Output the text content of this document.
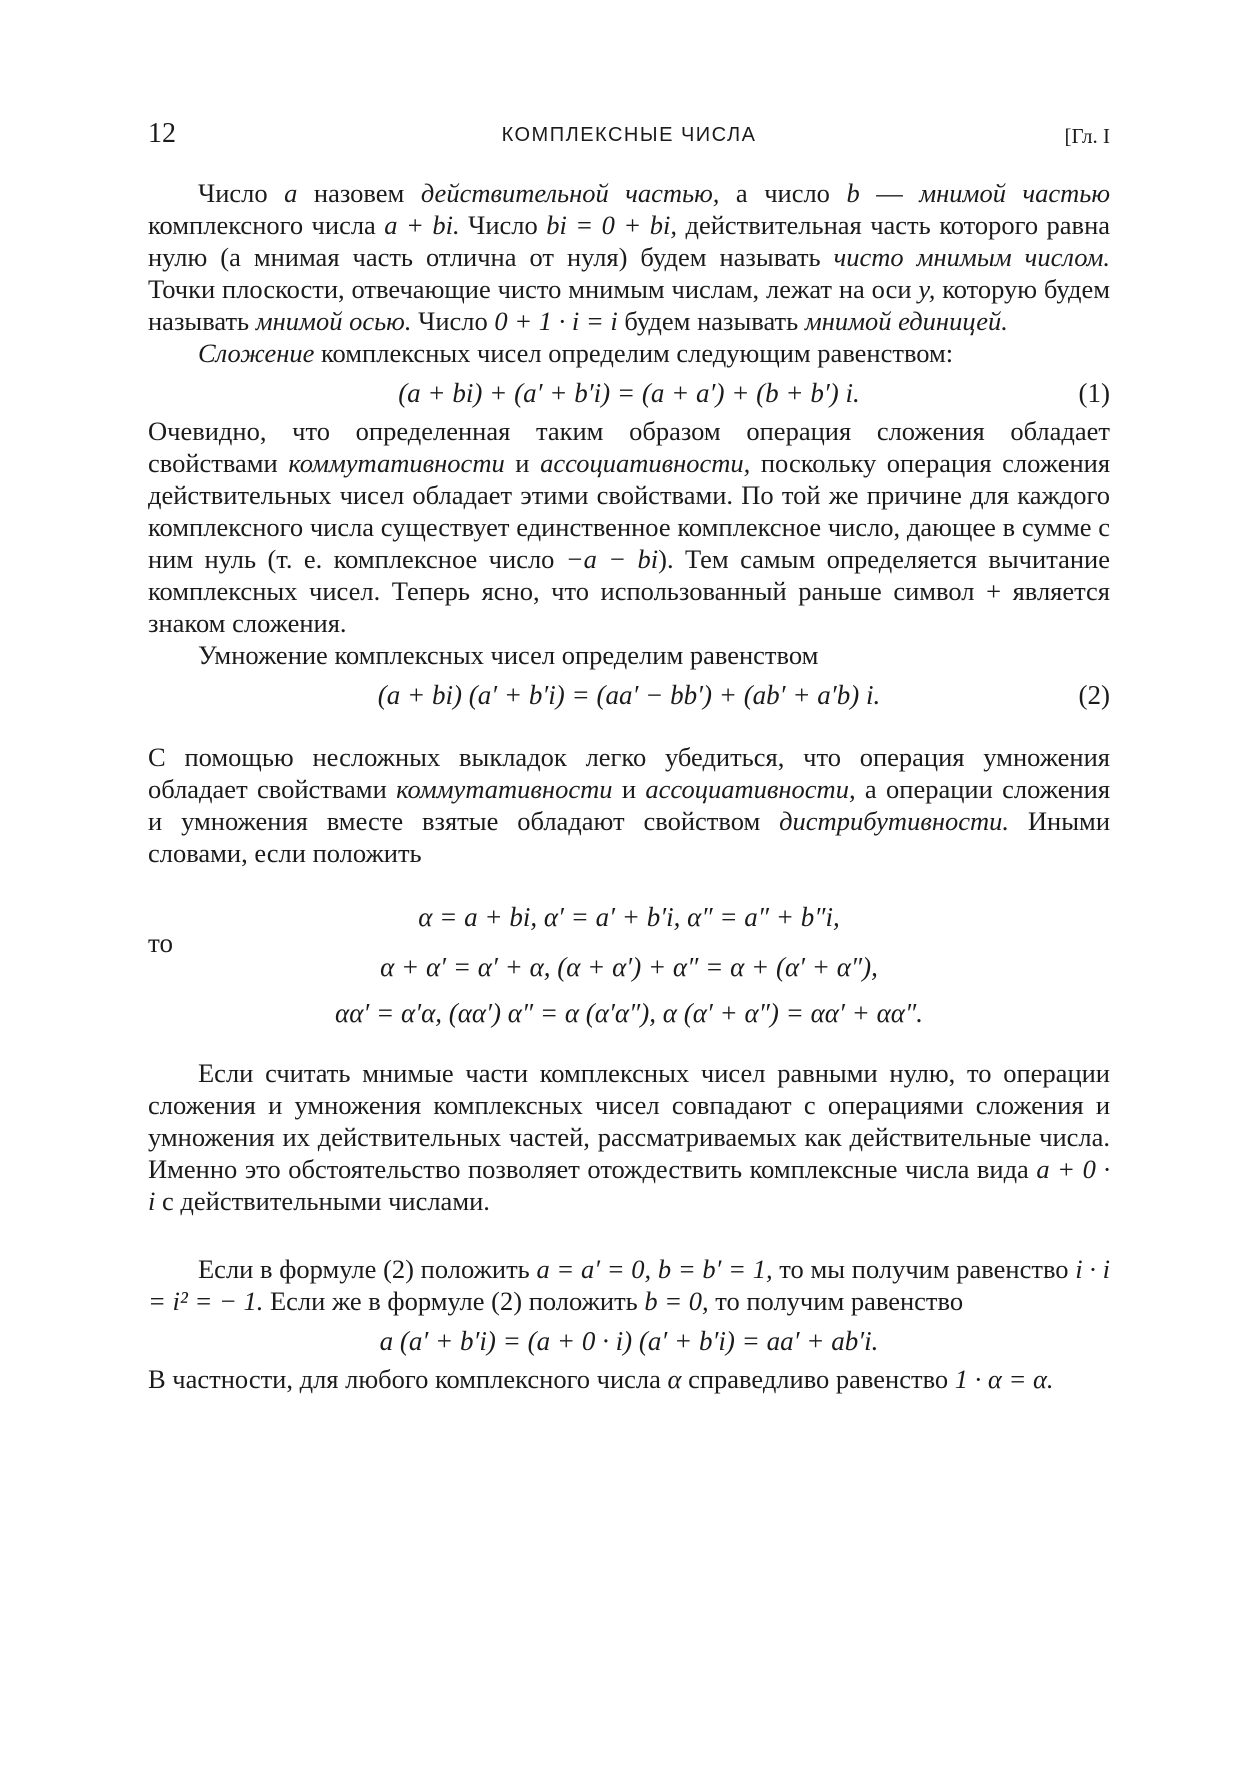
12	КОМПЛЕКСНЫЕ ЧИСЛА	[Гл. I

Число a назовем действительной частью, а число b — мнимой частью комплексного числа a + bi. Число bi = 0 + bi, действительная часть которого равна нулю (а мнимая часть отлична от нуля) будем называть чисто мнимым числом. Точки плоскости, отвечающие чисто мнимым числам, лежат на оси y, которую будем называть мнимой осью. Число 0 + 1 · i = i будем называть мнимой единицей.

Сложение комплексных чисел определим следующим равенством:

(a + bi) + (a′ + b′i) = (a + a′) + (b + b′) i.	(1)

Очевидно, что определенная таким образом операция сложения обладает свойствами коммутативности и ассоциативности, поскольку операция сложения действительных чисел обладает этими свойствами. По той же причине для каждого комплексного числа существует единственное комплексное число, дающее в сумме с ним нуль (т. е. комплексное число −a − bi). Тем самым определяется вычитание комплексных чисел. Теперь ясно, что использованный раньше символ + является знаком сложения.

Умножение комплексных чисел определим равенством

(a + bi) (a′ + b′i) = (aa′ − bb′) + (ab′ + a′b) i.	(2)

С помощью несложных выкладок легко убедиться, что операция умножения обладает свойствами коммутативности и ассоциативности, а операции сложения и умножения вместе взятые обладают свойством дистрибутивности. Иными словами, если положить

α = a + bi, α′ = a′ + b′i, α″ = a″ + b″i,
то
α + α′ = α′ + α, (α + α′) + α″ = α + (α′ + α″),
αα′ = α′α, (αα′) α″ = α (α′α″), α (α′ + α″) = αα′ + αα″.

Если считать мнимые части комплексных чисел равными нулю, то операции сложения и умножения комплексных чисел совпадают с операциями сложения и умножения их действительных частей, рассматриваемых как действительные числа. Именно это обстоятельство позволяет отождествить комплексные числа вида a + 0 · i с действительными числами.

Если в формуле (2) положить a = a′ = 0, b = b′ = 1, то мы получим равенство i · i = i² = − 1. Если же в формуле (2) положить b = 0, то получим равенство

a (a′ + b′i) = (a + 0 · i) (a′ + b′i) = aa′ + ab′i.

В частности, для любого комплексного числа α справедливо равенство 1 · α = α.
